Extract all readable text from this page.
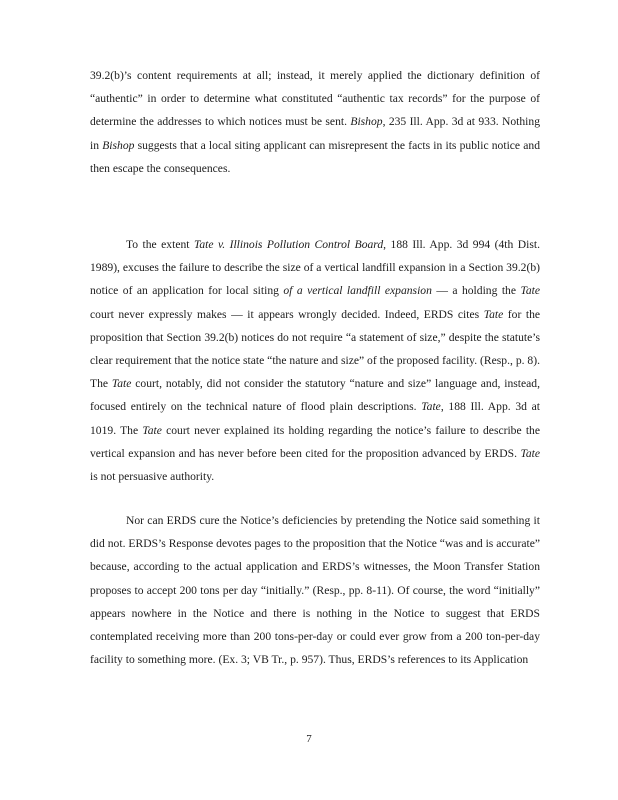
39.2(b)’s content requirements at all; instead, it merely applied the dictionary definition of
“authentic” in order to determine what constituted “authentic tax records” for the purpose of
determine the addresses to which notices must be sent. Bishop, 235 Ill. App. 3d at 933. Nothing
in Bishop suggests that a local siting applicant can misrepresent the facts in its public notice and
then escape the consequences.
To the extent Tate v. Illinois Pollution Control Board, 188 Ill. App. 3d 994 (4th Dist.
1989), excuses the failure to describe the size of a vertical landfill expansion in a Section 39.2(b)
notice of an application for local siting of a vertical landfill expansion — a holding the Tate
court never expressly makes — it appears wrongly decided. Indeed, ERDS cites Tate for the
proposition that Section 39.2(b) notices do not require “a statement of size,” despite the statute’s
clear requirement that the notice state “the nature and size” of the proposed facility. (Resp., p. 8).
The Tate court, notably, did not consider the statutory “nature and size” language and, instead,
focused entirely on the technical nature of flood plain descriptions. Tate, 188 Ill. App. 3d at
1019. The Tate court never explained its holding regarding the notice’s failure to describe the
vertical expansion and has never before been cited for the proposition advanced by ERDS. Tate
is not persuasive authority.
Nor can ERDS cure the Notice’s deficiencies by pretending the Notice said something it
did not. ERDS’s Response devotes pages to the proposition that the Notice “was and is accurate”
because, according to the actual application and ERDS’s witnesses, the Moon Transfer Station
proposes to accept 200 tons per day “initially.” (Resp., pp. 8-11). Of course, the word “initially”
appears nowhere in the Notice and there is nothing in the Notice to suggest that ERDS
contemplated receiving more than 200 tons-per-day or could ever grow from a 200 ton-per-day
facility to something more. (Ex. 3; VB Tr., p. 957). Thus, ERDS’s references to its Application
7
